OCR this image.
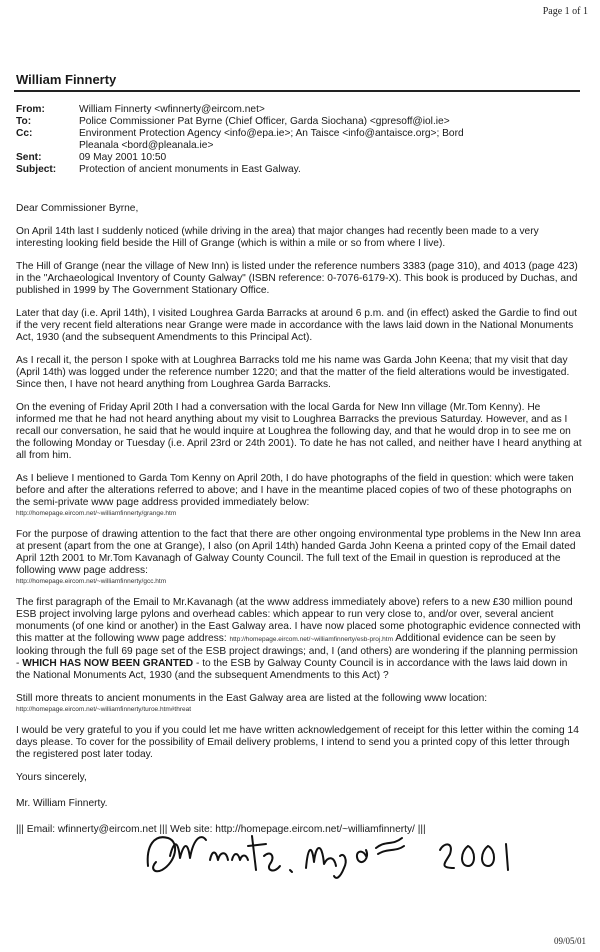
Page 1 of 1
William Finnerty
From:	William Finnerty <wfinnerty@eircom.net>
To:	Police Commissioner Pat Byrne (Chief Officer, Garda Siochana) <gpresoff@iol.ie>
Cc:	Environment Protection Agency <info@epa.ie>; An Taisce <info@antaisce.org>; Bord
Pleanala <bord@pleanala.ie>
Sent:	09 May 2001 10:50
Subject:	Protection of ancient monuments in East Galway.

Dear Commissioner Byrne,

On April 14th last I suddenly noticed (while driving in the area) that major changes had recently been made to a very interesting looking field beside the Hill of Grange (which is within a mile or so from where I live).

The Hill of Grange (near the village of New Inn) is listed under the reference numbers 3383 (page 310), and 4013 (page 423) in the "Archaeological Inventory of County Galway" (ISBN reference: 0-7076-6179-X). This book is produced by Duchas, and published in 1999 by The Government Stationary Office.

Later that day (i.e. April 14th), I visited Loughrea Garda Barracks at around 6 p.m. and (in effect) asked the Gardie to find out if the very recent field alterations near Grange were made in accordance with the laws laid down in the National Monuments Act, 1930 (and the subsequent Amendments to this Principal Act).

As I recall it, the person I spoke with at Loughrea Barracks told me his name was Garda John Keena; that my visit that day (April 14th) was logged under the reference number 1220; and that the matter of the field alterations would be investigated. Since then, I have not heard anything from Loughrea Garda Barracks.

On the evening of Friday April 20th I had a conversation with the local Garda for New Inn village (Mr.Tom Kenny). He informed me that he had not heard anything about my visit to Loughrea Barracks the previous Saturday. However, and as I recall our conversation, he said that he would inquire at Loughrea the following day, and that he would drop in to see me on the following Monday or Tuesday (i.e. April 23rd or 24th 2001). To date he has not called, and neither have I heard anything at all from him.

As I believe I mentioned to Garda Tom Kenny on April 20th, I do have photographs of the field in question: which were taken before and after the alterations referred to above; and I have in the meantime placed copies of two of these photographs on the semi-private www page address provided immediately below:
http://homepage.eircom.net/~williamfinnerty/grange.htm

For the purpose of drawing attention to the fact that there are other ongoing environmental type problems in the New Inn area at present (apart from the one at Grange), I also (on April 14th) handed Garda John Keena a printed copy of the Email dated April 12th 2001 to Mr.Tom Kavanagh of Galway County Council. The full text of the Email in question is reproduced at the following www page address:
http://homepage.eircom.net/~williamfinnerty/gcc.htm

The first paragraph of the Email to Mr.Kavanagh (at the www address immediately above) refers to a new £30 million pound ESB project involving large pylons and overhead cables: which appear to run very close to, and/or over, several ancient monuments (of one kind or another) in the East Galway area. I have now placed some photographic evidence connected with this matter at the following www page address: http://homepage.eircom.net/~williamfinnerty/esb-proj.htm Additional evidence can be seen by looking through the full 69 page set of the ESB project drawings; and, I (and others) are wondering if the planning permission - WHICH HAS NOW BEEN GRANTED - to the ESB by Galway County Council is in accordance with the laws laid down in the National Monuments Act, 1930 (and the subsequent Amendments to this Act) ?

Still more threats to ancient monuments in the East Galway area are listed at the following www location:
http://homepage.eircom.net/~williamfinnerty/turoe.htm#threat

I would be very grateful to you if you could let me have written acknowledgement of receipt for this letter within the coming 14 days please. To cover for the possibility of Email delivery problems, I intend to send you a printed copy of this letter through the registered post later today.

Yours sincerely,

Mr. William Finnerty.

||| Email: wfinnerty@eircom.net ||| Web site: http://homepage.eircom.net/~williamfinnerty/ |||

09/05/01
